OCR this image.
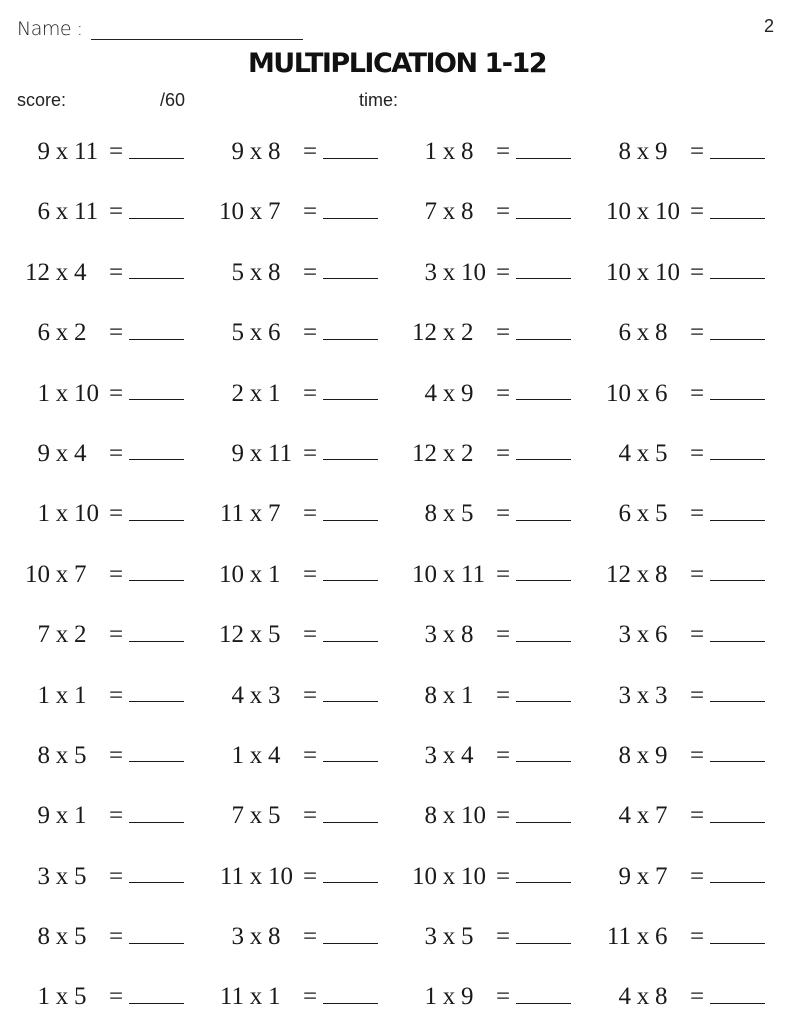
Name :	2
MULTIPLICATION 1-12
score:	/60	time:
9 x 11 =	9 x 8 =	1 x 8 =	8 x 9 =
6 x 11 =	10 x 7 =	7 x 8 =	10 x 10 =
12 x 4 =	5 x 8 =	3 x 10 =	10 x 10 =
6 x 2 =	5 x 6 =	12 x 2 =	6 x 8 =
1 x 10 =	2 x 1 =	4 x 9 =	10 x 6 =
9 x 4 =	9 x 11 =	12 x 2 =	4 x 5 =
1 x 10 =	11 x 7 =	8 x 5 =	6 x 5 =
10 x 7 =	10 x 1 =	10 x 11 =	12 x 8 =
7 x 2 =	12 x 5 =	3 x 8 =	3 x 6 =
1 x 1 =	4 x 3 =	8 x 1 =	3 x 3 =
8 x 5 =	1 x 4 =	3 x 4 =	8 x 9 =
9 x 1 =	7 x 5 =	8 x 10 =	4 x 7 =
3 x 5 =	11 x 10 =	10 x 10 =	9 x 7 =
8 x 5 =	3 x 8 =	3 x 5 =	11 x 6 =
1 x 5 =	11 x 1 =	1 x 9 =	4 x 8 =
